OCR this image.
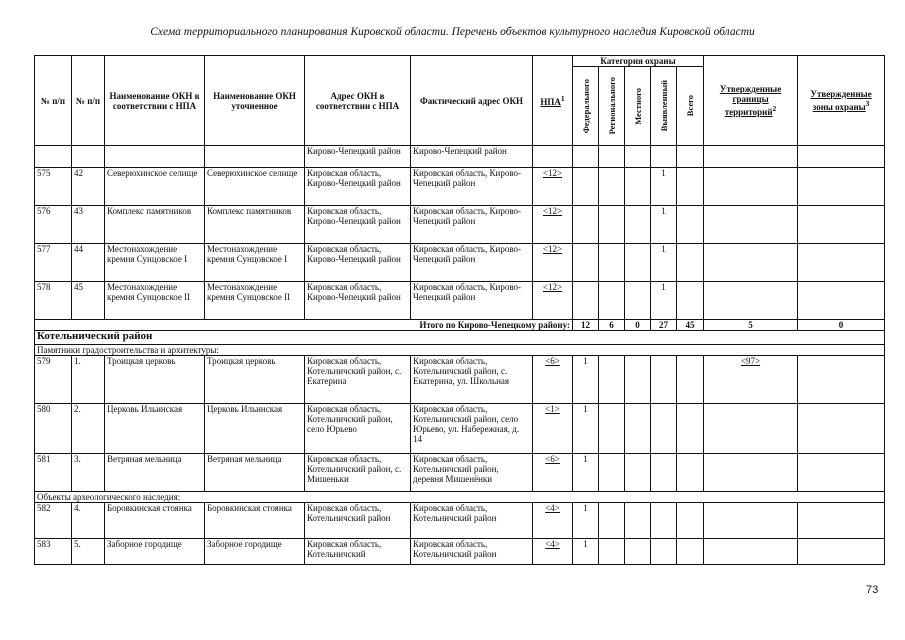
Схема территориального планирования Кировской области. Перечень объектов культурного наследия Кировской области
№ п/п	№ п/п	Наименование ОКН в соответствии с НПА	Наименование ОКН уточненное	Адрес ОКН в соответствии с НПА	Фактический адрес ОКН	НПА$^1$	Категория охраны					Утвержденные границы территорий$^2$	Утвержденные зоны охраны$^3$

							Федерального	Регионального	Местного	Выявленный	Всего		

				Кирово-Чепецкий район	Кирово-Чепецкий район								
575	42	Северюхинское селище	Северюхинское селище	Кировская область, Кирово-Чепецкий район	Кировская область, Кирово-Чепецкий район	<12>				1			
576	43	Комплекс памятников	Комплекс памятников	Кировская область, Кирово-Чепецкий район	Кировская область, Кирово-Чепецкий район	<12>				1			
577	44	Местонахождение кремня Сунцовское I	Местонахождение кремня Сунцовское I	Кировская область, Кирово-Чепецкий район	Кировская область, Кирово-Чепецкий район	<12>				1			
578	45	Местонахождение кремня Сунцовское II	Местонахождение кремня Сунцовское II	Кировская область, Кирово-Чепецкий район	Кировская область, Кирово-Чепецкий район	<12>				1			
Итого по Кирово-Чепецкому району:							12	6	0	27	45	5	0
Котельнический район													
Памятники градостроительства и архитектуры:													
579	1.	Троицкая церковь	Троицкая церковь	Кировская область, Котельничский район, с. Екатерина	Кировская область, Котельничский район, с. Екатерина, ул. Школьная	<6>	1					<97>	
580	2.	Церковь Ильинская	Церковь Ильинская	Кировская область, Котельничский район, село Юрьево	Кировская область, Котельничский район, село Юрьево, ул. Набережная, д. 14	<1>	1						
581	3.	Ветряная мельница	Ветряная мельница	Кировская область, Котельничский район, с. Мишеньки	Кировская область, Котельничский район, деревня Мишенёнки	<6>	1						
Объекты археологического наследия:													
582	4.	Боровкинская стоянка	Боровкинская стоянка	Кировская область, Котельничский район	Кировская область, Котельничский район	<4>	1						
583	5.	Заборное городище	Заборное городище	Кировская область, Котельничский	Кировская область, Котельничский район	<4>	1						
73
